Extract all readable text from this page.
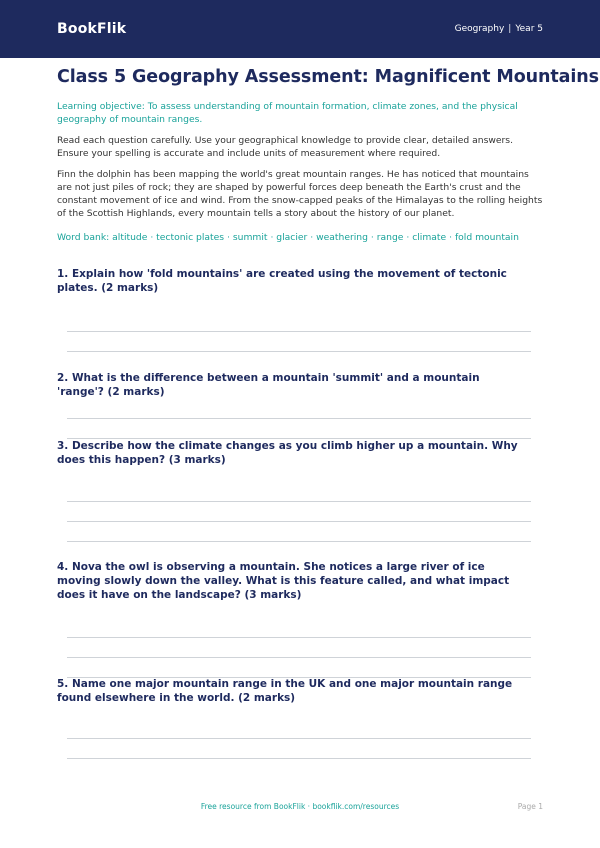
BookFlik	Geography | Year 5
Class 5 Geography Assessment: Magnificent Mountains

Learning objective: To assess understanding of mountain formation, climate zones, and the physical geography of mountain ranges.

Read each question carefully. Use your geographical knowledge to provide clear, detailed answers. Ensure your spelling is accurate and include units of measurement where required.

Finn the dolphin has been mapping the world's great mountain ranges. He has noticed that mountains are not just piles of rock; they are shaped by powerful forces deep beneath the Earth's crust and the constant movement of ice and wind. From the snow-capped peaks of the Himalayas to the rolling heights of the Scottish Highlands, every mountain tells a story about the history of our planet.

Word bank: altitude · tectonic plates · summit · glacier · weathering · range · climate · fold mountain

1. Explain how 'fold mountains' are created using the movement of tectonic plates. (2 marks)

2. What is the difference between a mountain 'summit' and a mountain 'range'? (2 marks)

3. Describe how the climate changes as you climb higher up a mountain. Why does this happen? (3 marks)

4. Nova the owl is observing a mountain. She notices a large river of ice moving slowly down the valley. What is this feature called, and what impact does it have on the landscape? (3 marks)

5. Name one major mountain range in the UK and one major mountain range found elsewhere in the world. (2 marks)

Free resource from BookFlik · bookflik.com/resources	Page 1
